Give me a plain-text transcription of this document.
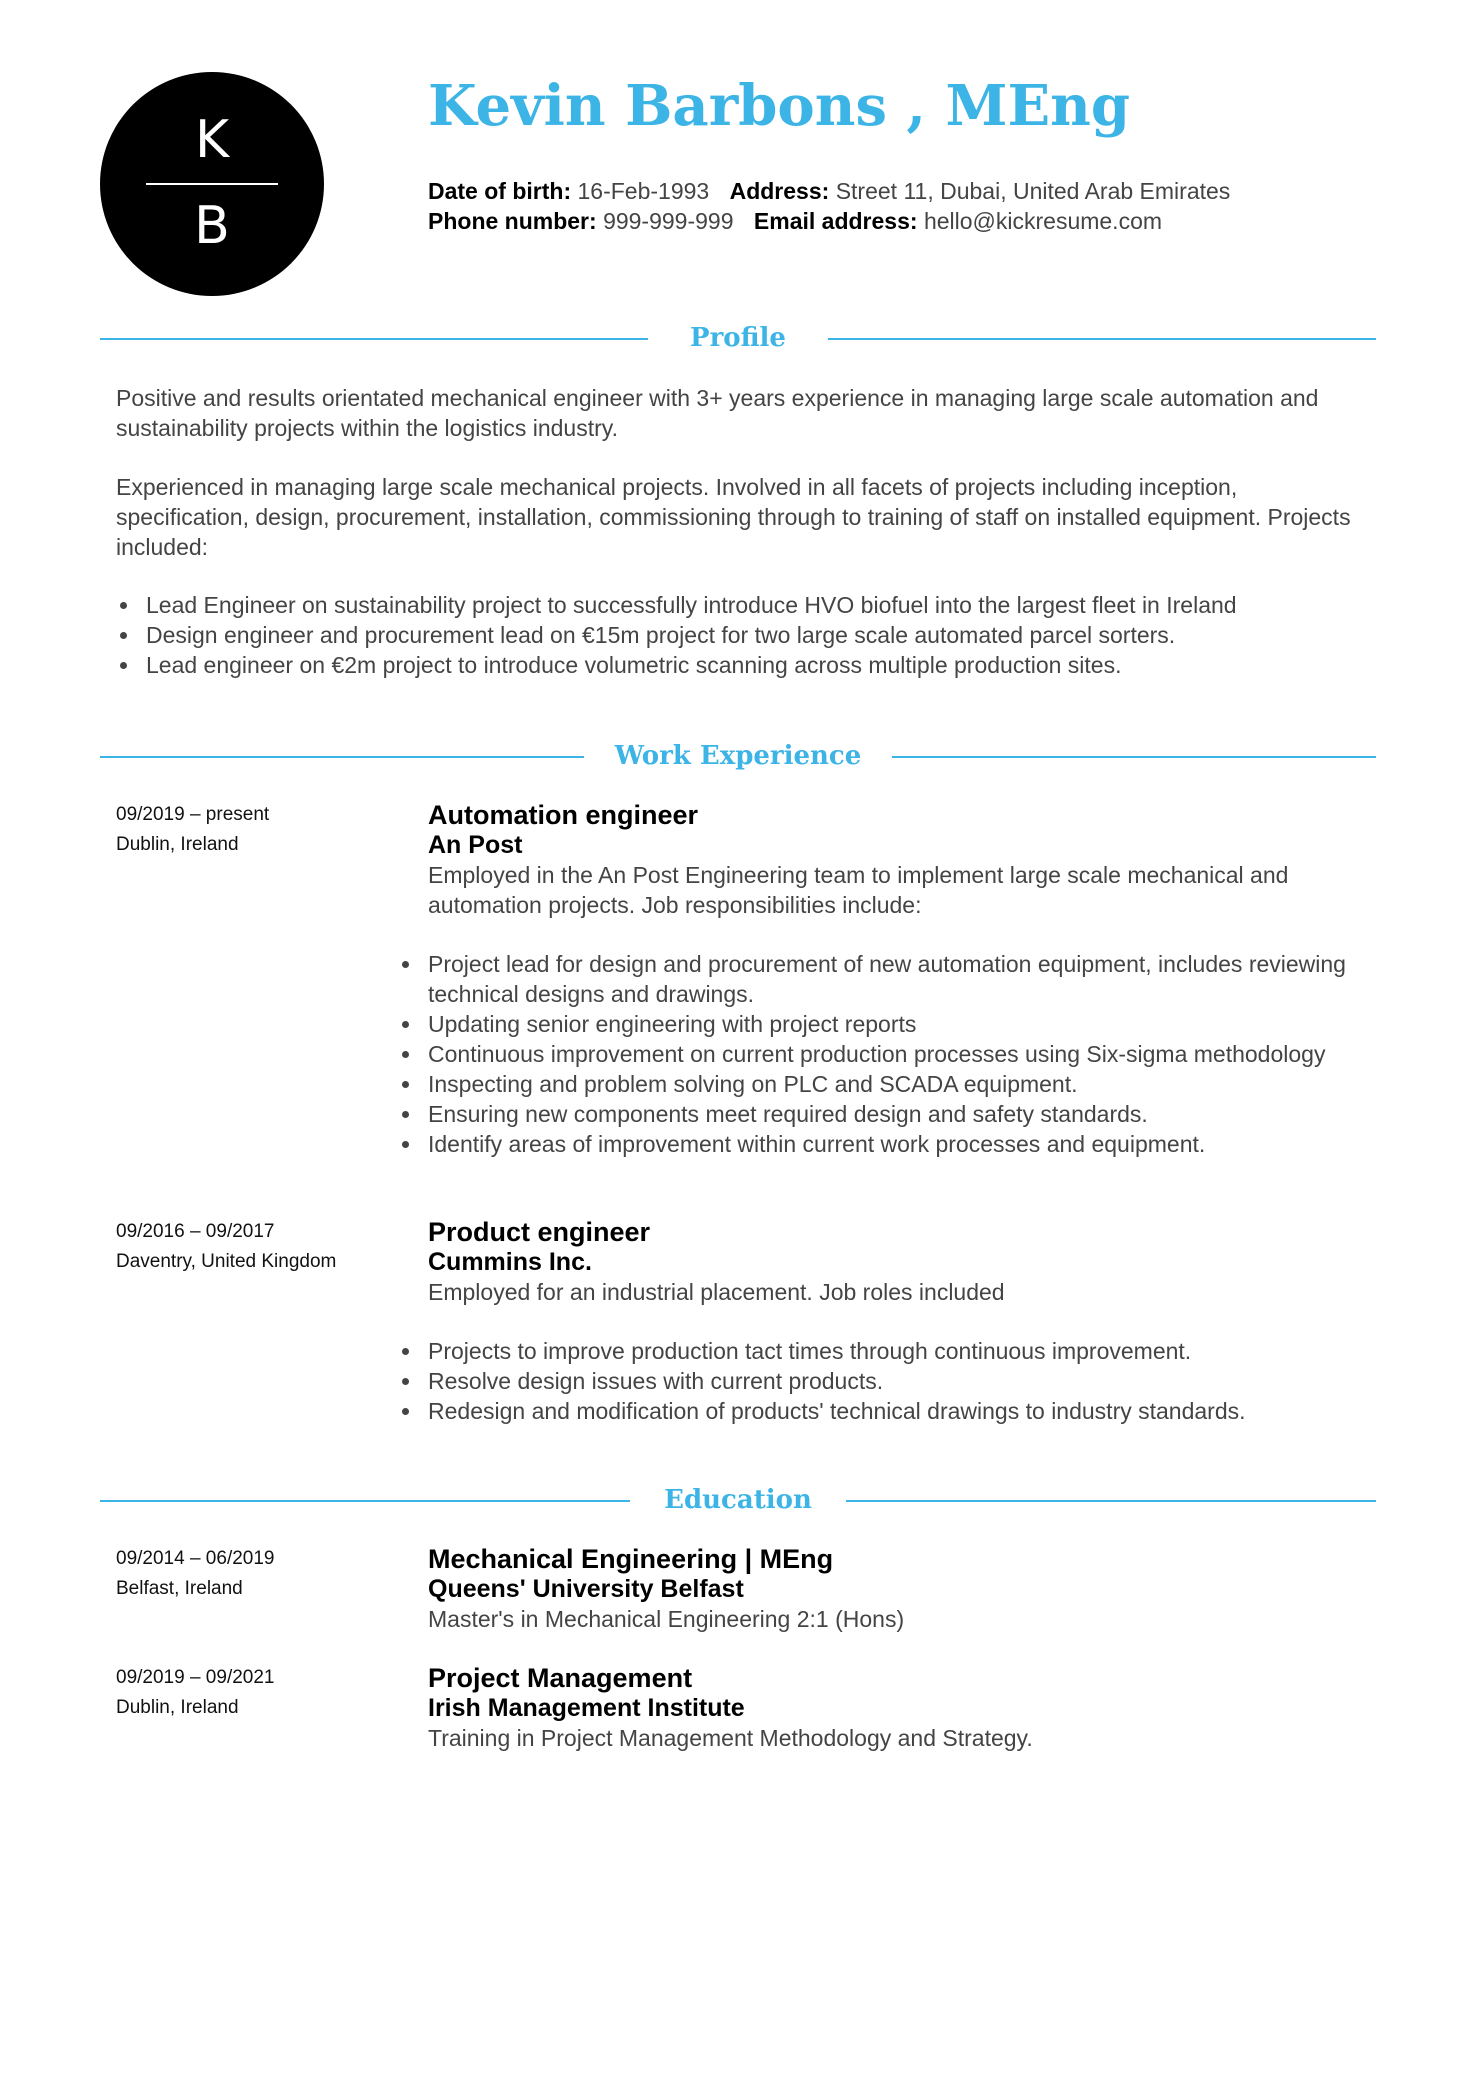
K
B
Kevin Barbons , MEng
Date of birth: 16-Feb-1993 Address: Street 11, Dubai, United Arab Emirates
Phone number: 999-999-999 Email address: hello@kickresume.com
Profile
Positive and results orientated mechanical engineer with 3+ years experience in managing large scale automation and sustainability projects within the logistics industry.
Experienced in managing large scale mechanical projects. Involved in all facets of projects including inception, specification, design, procurement, installation, commissioning through to training of staff on installed equipment. Projects included:
Lead Engineer on sustainability project to successfully introduce HVO biofuel into the largest fleet in Ireland
Design engineer and procurement lead on €15m project for two large scale automated parcel sorters.
Lead engineer on €2m project to introduce volumetric scanning across multiple production sites.
Work Experience
09/2019 – present
Dublin, Ireland
Automation engineer
An Post
Employed in the An Post Engineering team to implement large scale mechanical and automation projects. Job responsibilities include:
Project lead for design and procurement of new automation equipment, includes reviewing technical designs and drawings.
Updating senior engineering with project reports
Continuous improvement on current production processes using Six-sigma methodology
Inspecting and problem solving on PLC and SCADA equipment.
Ensuring new components meet required design and safety standards.
Identify areas of improvement within current work processes and equipment.
09/2016 – 09/2017
Daventry, United Kingdom
Product engineer
Cummins Inc.
Employed for an industrial placement. Job roles included
Projects to improve production tact times through continuous improvement.
Resolve design issues with current products.
Redesign and modification of products' technical drawings to industry standards.
Education
09/2014 – 06/2019
Belfast, Ireland
Mechanical Engineering | MEng
Queens' University Belfast
Master's in Mechanical Engineering 2:1 (Hons)
09/2019 – 09/2021
Dublin, Ireland
Project Management
Irish Management Institute
Training in Project Management Methodology and Strategy.
